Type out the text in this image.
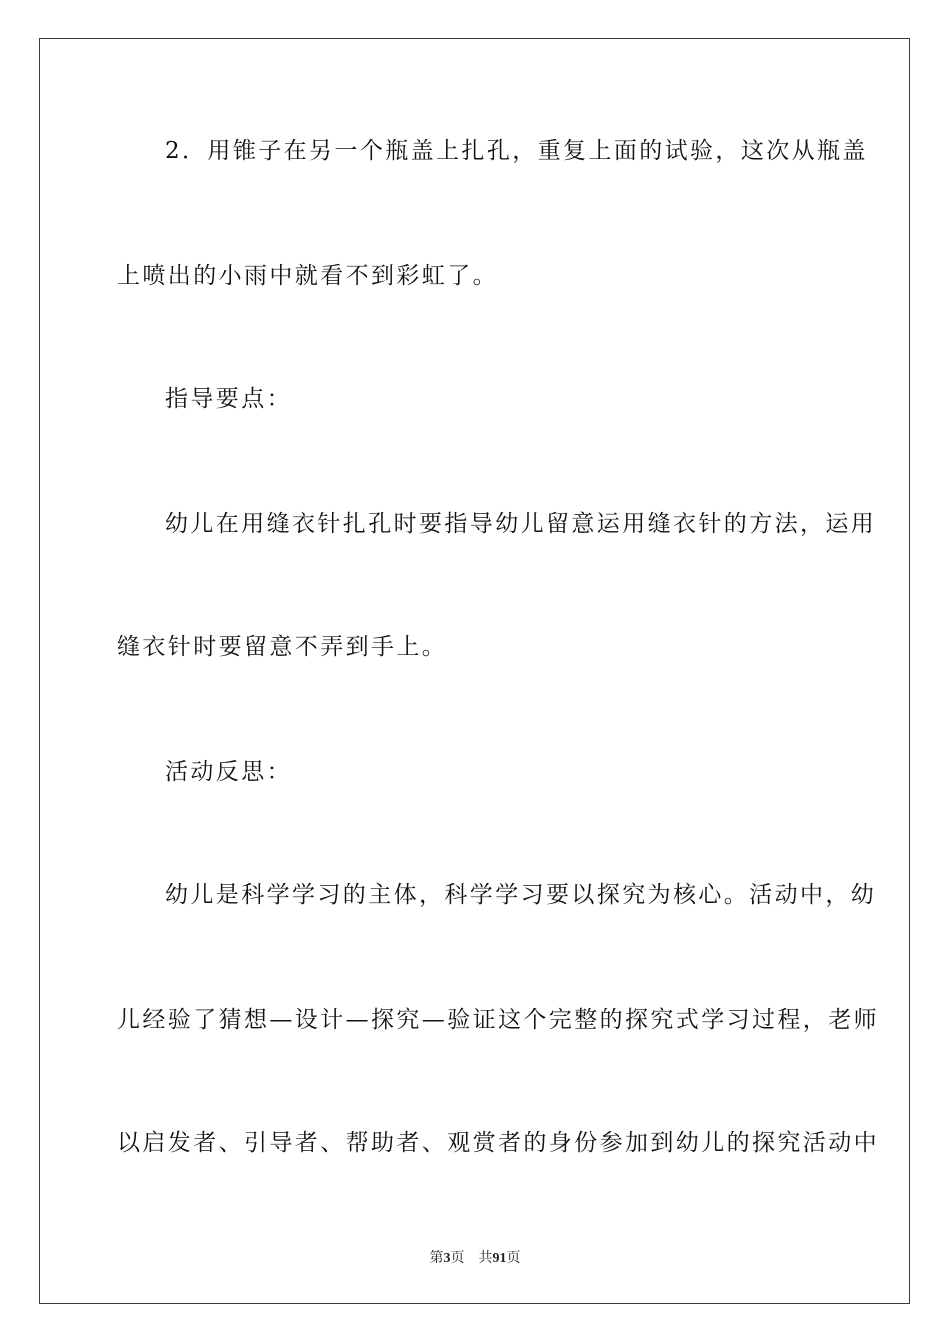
2．用锥子在另一个瓶盖上扎孔，重复上面的试验，这次从瓶盖
上喷出的小雨中就看不到彩虹了。
指导要点：
幼儿在用缝衣针扎孔时要指导幼儿留意运用缝衣针的方法，运用
缝衣针时要留意不弄到手上。
活动反思：
幼儿是科学学习的主体，科学学习要以探究为核心。活动中，幼
儿经验了猜想—设计—探究—验证这个完整的探究式学习过程，老师
以启发者、引导者、帮助者、观赏者的身份参加到幼儿的探究活动中
第3页 共91页
